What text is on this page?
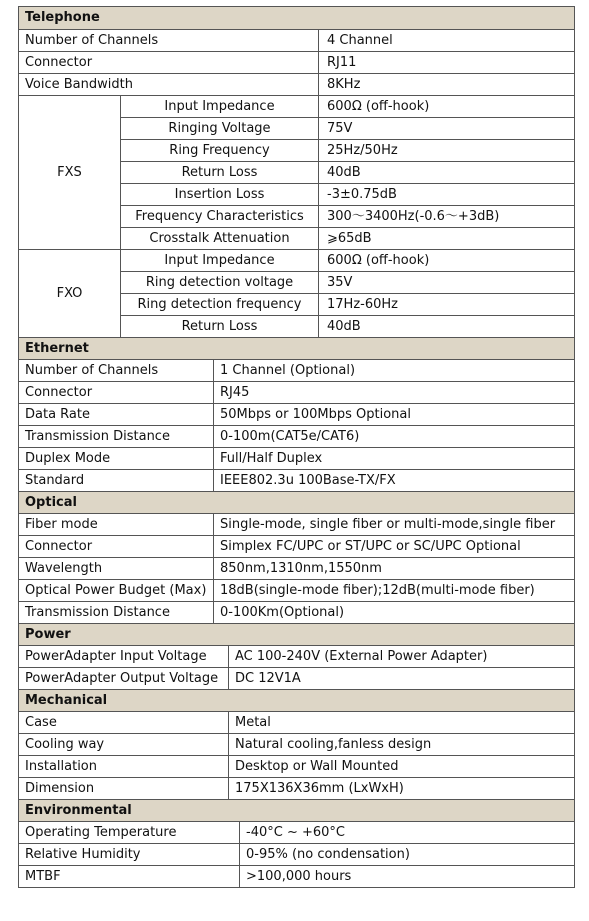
Telephone		
Number of Channels		4 Channel
Connector		RJ11
Voice Bandwidth		8KHz
FXS	Input Impedance	600Ω (off-hook)
	Ringing Voltage	75V
	Ring Frequency	25Hz/50Hz
	Return Loss	40dB
	Insertion Loss	-3±0.75dB
	Frequency Characteristics	300～3400Hz(-0.6～+3dB)
	Crosstalk Attenuation	⩾65dB
FXO	Input Impedance	600Ω (off-hook)
	Ring detection voltage	35V
	Ring detection frequency	17Hz-60Hz
	Return Loss	40dB
Ethernet	
Number of Channels	1 Channel (Optional)
Connector	RJ45
Data Rate	50Mbps or 100Mbps Optional
Transmission Distance	0-100m(CAT5e/CAT6)
Duplex Mode	Full/Half Duplex
Standard	IEEE802.3u 100Base-TX/FX
Optical	
Fiber mode	Single-mode, single fiber or multi-mode,single fiber
Connector	Simplex FC/UPC or ST/UPC or SC/UPC Optional
Wavelength	850nm,1310nm,1550nm
Optical Power Budget (Max)	18dB(single-mode fiber);12dB(multi-mode fiber)
Transmission Distance	0-100Km(Optional)
Power	
PowerAdapter Input Voltage	AC 100-240V (External Power Adapter)
PowerAdapter Output Voltage	DC 12V1A
Mechanical	
Case	Metal
Cooling way	Natural cooling,fanless design
Installation	Desktop or Wall Mounted
Dimension	175X136X36mm (LxWxH)
Environmental	
Operating Temperature	-40°C ~ +60°C
Relative Humidity	0-95% (no condensation)
MTBF	>100,000 hours
